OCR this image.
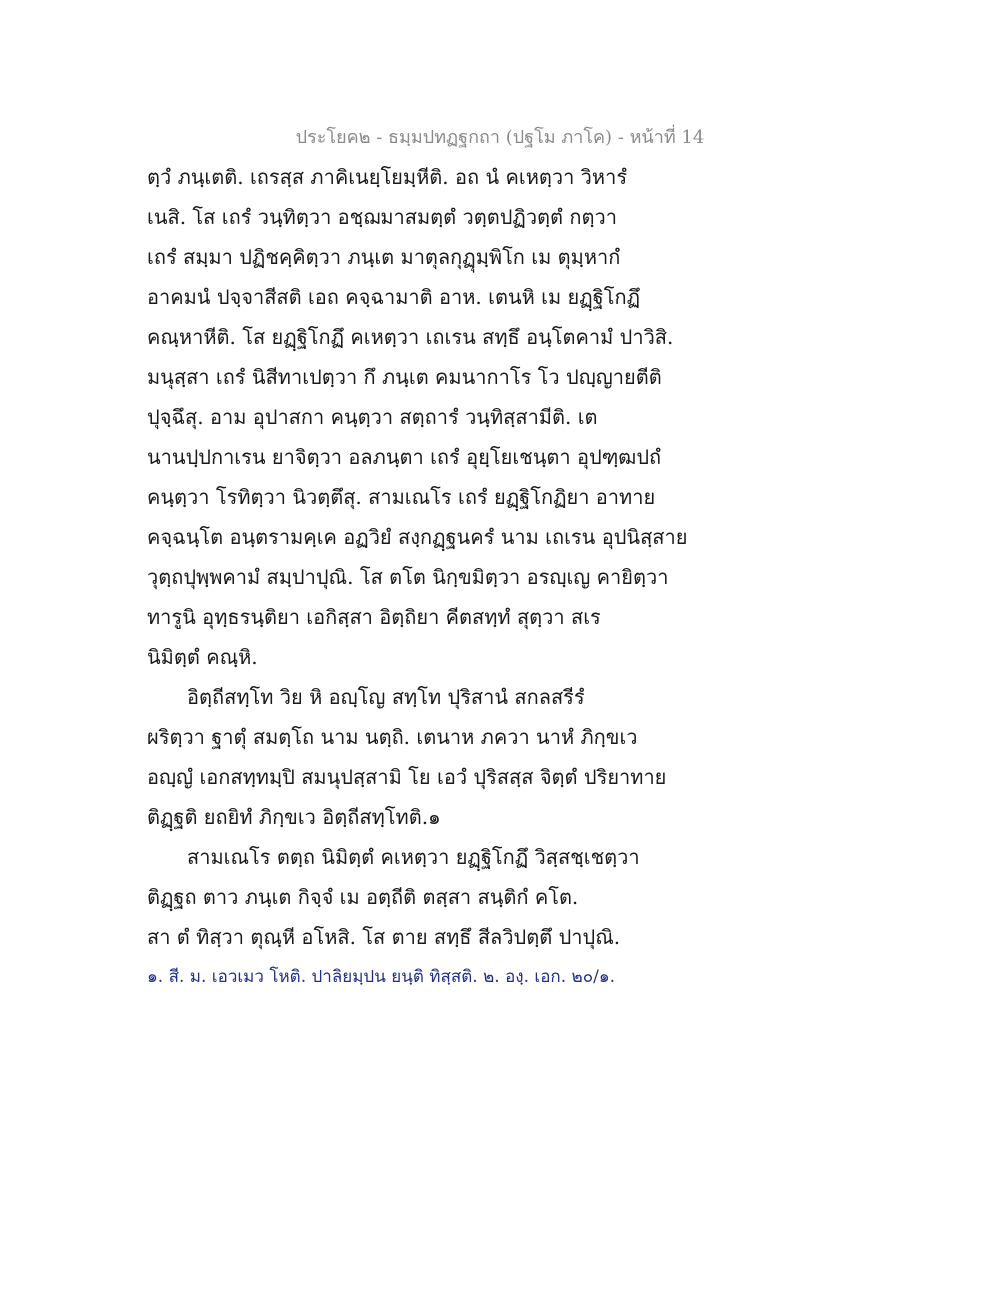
ประโยค๒ - ธมฺมปทฏฐกถา (ปฐโม ภาโค) - หน้าที่ 14
ตฺวํ ภนฺเตติ. เถรสฺส ภาคิเนยฺโยมฺหีติ. อถ นํ คเหตฺวา วิหารํ
เนสิ. โส เถรํ วนฺทิตฺวา อชฺฌมาสมตฺตํ วตฺตปฏิวตฺตํ กตฺวา
เถรํ สมฺมา ปฏิชคฺคิตฺวา ภนฺเต มาตุลกุฏุมฺพิโก เม ตุมฺหากํ
อาคมนํ ปจฺจาสีสติ เอถ คจฺฉามาติ อาห. เตนหิ เม ยฏฺฐิโกฏึ
คณฺหาหีติ. โส ยฏฺฐิโกฏึ คเหตฺวา เถเรน สทฺธึ อนฺโตคามํ ปาวิสิ.
มนุสฺสา เถรํ นิสีทาเปตฺวา กึ ภนฺเต คมนากาโร โว ปญฺญายตีติ
ปุจฺฉึสุ. อาม อุปาสกา คนฺตฺวา สตฺถารํ วนฺทิสฺสามีติ. เต
นานปฺปกาเรน ยาจิตฺวา อลภนฺตา เถรํ อุยฺโยเชนฺตา อุปฑฺฒปถํ
คนฺตฺวา โรทิตฺวา นิวตฺตึสุ. สามเณโร เถรํ ยฏฺฐิโกฏิยา อาทาย
คจฺฉนฺโต อนฺตรามคฺเค อฏวิยํ สงฺกฏฺฐนครํ นาม เถเรน อุปนิสฺสาย
วุตฺถปุพฺพคามํ สมฺปาปุณิ. โส ตโต นิกฺขมิตฺวา อรญฺเญ คายิตฺวา
ทารูนิ อุทฺธรนฺติยา เอกิสฺสา อิตฺถิยา คีตสทฺทํ สุตฺวา สเร
นิมิตฺตํ คณฺหิ.
อิตฺถีสทฺโท วิย หิ อญฺโญ สทฺโท ปุริสานํ สกลสรีรํ
ผริตฺวา ฐาตุํ สมตฺโถ นาม นตฺถิ. เตนาห ภควา นาหํ ภิกฺขเว
อญฺญํ เอกสทฺทมฺปิ สมนุปสฺสามิ โย เอวํ ปุริสสฺส จิตฺตํ ปริยาทาย
ติฏฺฐติ ยถยิทํ ภิกฺขเว อิตฺถีสทฺโทติ.๑
สามเณโร ตตฺถ นิมิตฺตํ คเหตฺวา ยฏฺฐิโกฏึ วิสฺสชฺเชตฺวา
ติฏฺฐถ ตาว ภนฺเต กิจฺจํ เม อตฺถีติ ตสฺสา สนฺติกํ คโต.
สา ตํ ทิสฺวา ตุณฺหี อโหสิ. โส ตาย สทฺธึ สีลวิปตฺตึ ปาปุณิ.
๑. สี. ม. เอวเมว โหติ. ปาลิยมฺปน ยนฺติ ทิสฺสติ. ๒. องฺ. เอก. ๒๐/๑.
